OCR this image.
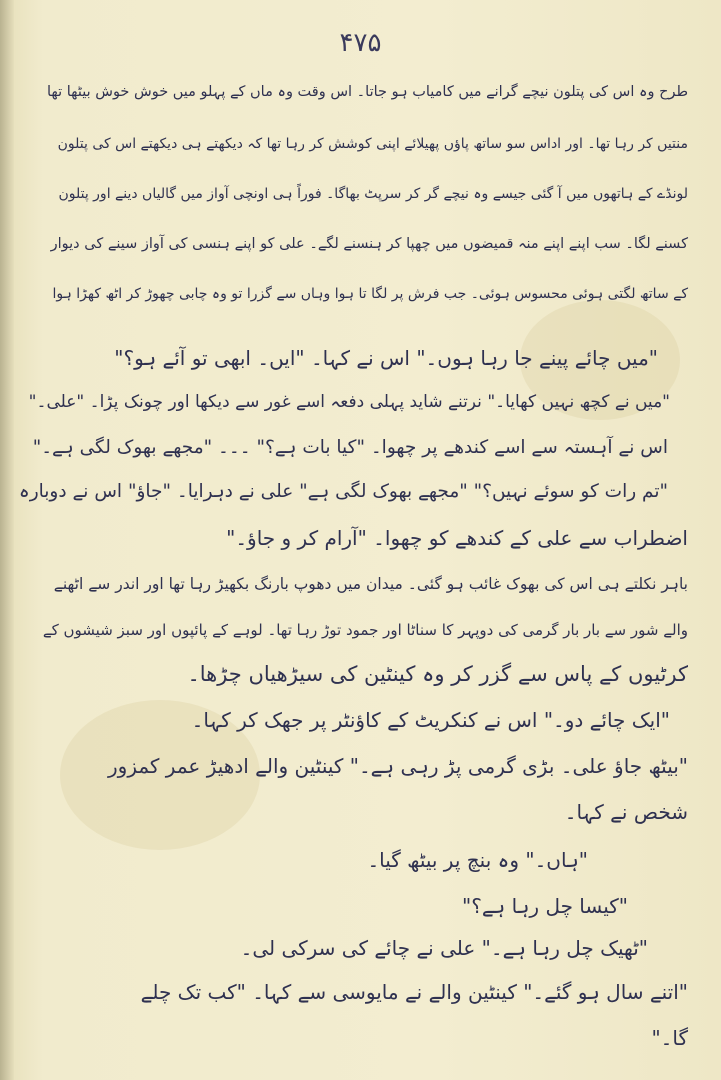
۴۷۵
طرح وہ اس کی پتلون نیچے گرانے میں کامیاب ہو جاتا۔ اس وقت وہ ماں کے پہلو میں خوش خوش بیٹھا تھا
منتیں کر رہا تھا۔ اور اداس سو ساتھ پاؤں پھیلائے اپنی کوشش کر رہا تھا کہ دیکھتے ہی دیکھتے اس کی پتلون
لونڈے کے ہاتھوں میں آ گئی جیسے وہ نیچے گر کر سرپٹ بھاگا۔ فوراً ہی اونچی آواز میں گالیاں دینے اور پتلون
کسنے لگا۔ سب اپنے اپنے منہ قمیضوں میں چھپا کر ہنسنے لگے۔ علی کو اپنے ہنسی کی آواز سینے کی دیوار
کے ساتھ لگتی ہوئی محسوس ہوئی۔ جب فرش پر لگا تا ہوا وہاں سے گزرا تو وہ چابی چھوڑ کر اٹھ کھڑا ہوا
"میں چائے پینے جا رہا ہوں۔" اس نے کہا۔ "ایں۔ ابھی تو آئے ہو؟"
"میں نے کچھ نہیں کھایا۔" نرتنے شاید پہلی دفعہ اسے غور سے دیکھا اور چونک پڑا۔ "علی۔"
اس نے آہستہ سے اسے کندھے پر چھوا۔ "کیا بات ہے؟" ۔۔۔ "مجھے بھوک لگی ہے۔"
"تم رات کو سوئے نہیں؟" "مجھے بھوک لگی ہے" علی نے دہرایا۔ "جاؤ" اس نے دوبارہ
اضطراب سے علی کے کندھے کو چھوا۔ "آرام کر و جاؤ۔"
باہر نکلتے ہی اس کی بھوک غائب ہو گئی۔ میدان میں دھوپ بارنگ بکھیڑ رہا تھا اور اندر سے اٹھنے
والے شور سے بار بار گرمی کی دوپہر کا سناٹا اور جمود توڑ رہا تھا۔ لوہے کے پائپوں اور سبز شیشوں کے
کرٹیوں کے پاس سے گزر کر وہ کینٹین کی سیڑھیاں چڑھا۔
"ایک چائے دو۔" اس نے کنکریٹ کے کاؤنٹر پر جھک کر کہا۔
"بیٹھ جاؤ علی۔ بڑی گرمی پڑ رہی ہے۔" کینٹین والے ادھیڑ عمر کمزور
شخص نے کہا۔
"ہاں۔" وہ بنچ پر بیٹھ گیا۔
"کیسا چل رہا ہے؟"
"ٹھیک چل رہا ہے۔" علی نے چائے کی سرکی لی۔
"اتنے سال ہو گئے۔" کینٹین والے نے مایوسی سے کہا۔ "کب تک چلے
گا۔"
